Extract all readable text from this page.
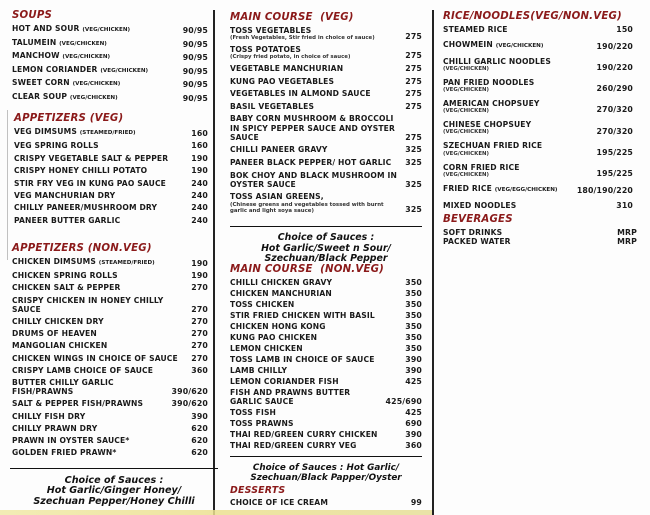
SOUPS
HOT AND SOUR (VEG/CHICKEN)	90/95
TALUMEIN (VEG/CHICKEN)	90/95
MANCHOW (VEG/CHICKEN)	90/95
LEMON CORIANDER (VEG/CHICKEN)	90/95
SWEET CORN (VEG/CHICKEN)	90/95
CLEAR SOUP (VEG/CHICKEN)	90/95
APPETIZERS (VEG)
VEG DIMSUMS (STEAMED/FRIED)	160
VEG SPRING ROLLS	160
CRISPY VEGETABLE SALT & PEPPER	190
CRISPY HONEY CHILLI POTATO	190
STIR FRY VEG IN KUNG PAO SAUCE	240
VEG MANCHURIAN DRY	240
CHILLY PANEER/MUSHROOM DRY	240
PANEER BUTTER GARLIC	240
APPETIZERS (NON.VEG)
CHICKEN DIMSUMS (STEAMED/FRIED)	190
CHICKEN SPRING ROLLS	190
CHICKEN SALT & PEPPER	270
CRISPY CHICKEN IN HONEY CHILLY SAUCE	270
CHILLY CHICKEN DRY	270
DRUMS OF HEAVEN	270
MANGOLIAN CHICKEN	270
CHICKEN WINGS IN CHOICE OF SAUCE	270
CRISPY LAMB CHOICE OF SAUCE	360
BUTTER CHILLY GARLIC FISH/PRAWNS	390/620
SALT & PEPPER FISH/PRAWNS	390/620
CHILLY FISH DRY	390
CHILLY PRAWN DRY	620
PRAWN IN OYSTER SAUCE*	620
GOLDEN FRIED PRAWN*	620
Choice of Sauces :
Hot Garlic/Ginger Honey/
Szechuan Pepper/Honey Chilli
MAIN COURSE  (VEG)
TOSS VEGETABLES
(Fresh Vegetables, Stir fried in choice of sauce)	275
TOSS POTATOES
(Crispy fried potato, in choice of sauce)	275
VEGETABLE MANCHURIAN	275
KUNG PAO VEGETABLES	275
VEGETABLES IN ALMOND SAUCE	275
BASIL VEGETABLES	275
BABY CORN MUSHROOM & BROCCOLI IN SPICY PEPPER SAUCE AND OYSTER SAUCE	275
CHILLI PANEER GRAVY	325
PANEER BLACK PEPPER/ HOT GARLIC	325
BOK CHOY AND BLACK MUSHROOM IN OYSTER SAUCE	325
TOSS ASIAN GREENS,
(Chinese greens and vegetables tossed with burnt garlic and light soya sauce)	325
Choice of Sauces :
Hot Garlic/Sweet n Sour/
Szechuan/Black Pepper
MAIN COURSE  (NON.VEG)
CHILLI CHICKEN GRAVY	350
CHICKEN MANCHURIAN	350
TOSS CHICKEN	350
STIR FRIED CHICKEN WITH BASIL	350
CHICKEN HONG KONG	350
KUNG PAO CHICKEN	350
LEMON CHICKEN	350
TOSS LAMB IN CHOICE OF SAUCE	390
LAMB CHILLY	390
LEMON CORIANDER FISH	425
FISH AND PRAWNS BUTTER GARLIC SAUCE	425/690
TOSS FISH	425
TOSS PRAWNS	690
THAI RED/GREEN CURRY CHICKEN	390
THAI RED/GREEN CURRY VEG	360
Choice of Sauces : Hot Garlic/
Szechuan/Black Papper/Oyster
DESSERTS
CHOICE OF ICE CREAM	99
RICE/NOODLES(VEG/NON.VEG)
STEAMED RICE	150
CHOWMEIN (VEG/CHICKEN)	190/220
CHILLI GARLIC NOODLES
(VEG/CHICKEN)	190/220
PAN FRIED NOODLES
(VEG/CHICKEN)	260/290
AMERICAN CHOPSUEY
(VEG/CHICKEN)	270/320
CHINESE CHOPSUEY
(VEG/CHICKEN)	270/320
SZECHUAN FRIED RICE
(VEG/CHICKEN)	195/225
CORN FRIED RICE
(VEG/CHICKEN)	195/225
FRIED RICE (VEG/EGG/CHICKEN)	180/190/220
MIXED NOODLES	310
BEVERAGES
SOFT DRINKS	MRP
PACKED WATER	MRP
